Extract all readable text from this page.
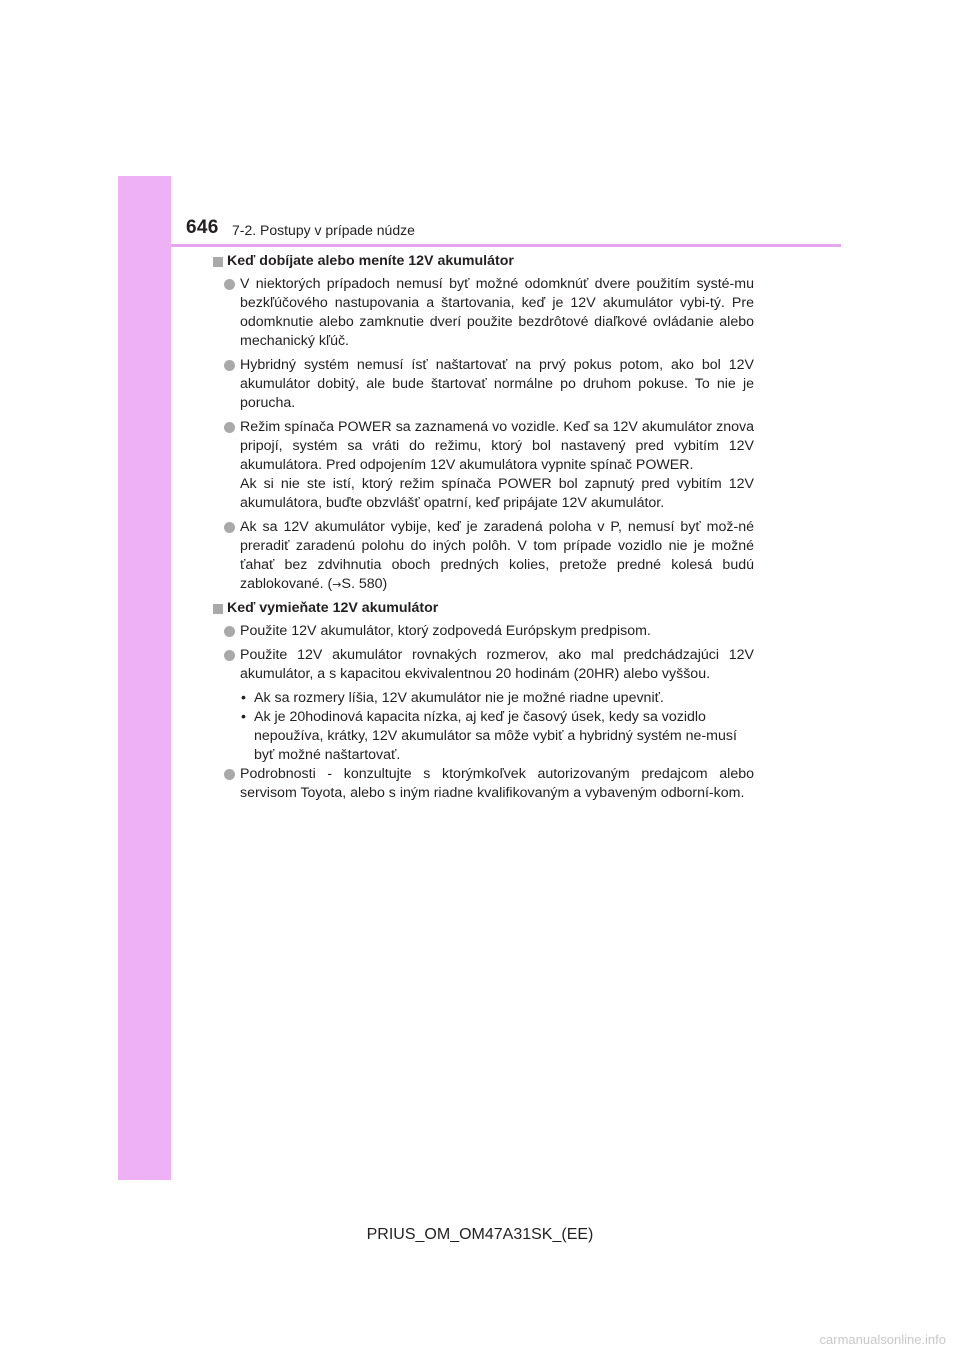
646 7-2. Postupy v prípade núdze
Keď dobíjate alebo meníte 12V akumulátor

V niektorých prípadoch nemusí byť možné odomknúť dvere použitím systé-mu bezkľúčového nastupovania a štartovania, keď je 12V akumulátor vybi-tý. Pre odomknutie alebo zamknutie dverí použite bezdrôtové diaľkové ovládanie alebo mechanický kľúč.

Hybridný systém nemusí ísť naštartovať na prvý pokus potom, ako bol 12V akumulátor dobitý, ale bude štartovať normálne po druhom pokuse. To nie je porucha.

Režim spínača POWER sa zaznamená vo vozidle. Keď sa 12V akumulátor znova pripojí, systém sa vráti do režimu, ktorý bol nastavený pred vybitím 12V akumulátora. Pred odpojením 12V akumulátora vypnite spínač POWER.

Ak si nie ste istí, ktorý režim spínača POWER bol zapnutý pred vybitím 12V akumulátora, buďte obzvlášť opatrní, keď pripájate 12V akumulátor.

Ak sa 12V akumulátor vybije, keď je zaradená poloha v P, nemusí byť mož-né preradiť zaradenú polohu do iných polôh. V tom prípade vozidlo nie je možné ťahať bez zdvihnutia oboch predných kolies, pretože predné kolesá budú zablokované. (→S. 580)

Keď vymieňate 12V akumulátor

Použite 12V akumulátor, ktorý zodpovedá Európskym predpisom.

Použite 12V akumulátor rovnakých rozmerov, ako mal predchádzajúci 12V akumulátor, a s kapacitou ekvivalentnou 20 hodinám (20HR) alebo vyššou.

• Ak sa rozmery líšia, 12V akumulátor nie je možné riadne upevniť.
• Ak je 20hodinová kapacita nízka, aj keď je časový úsek, kedy sa vozidlo nepoužíva, krátky, 12V akumulátor sa môže vybiť a hybridný systém ne-musí byť možné naštartovať.

Podrobnosti - konzultujte s ktorýmkoľvek autorizovaným predajcom alebo servisom Toyota, alebo s iným riadne kvalifikovaným a vybaveným odborní-kom.

PRIUS_OM_OM47A31SK_(EE)
carmanualsonline.info
